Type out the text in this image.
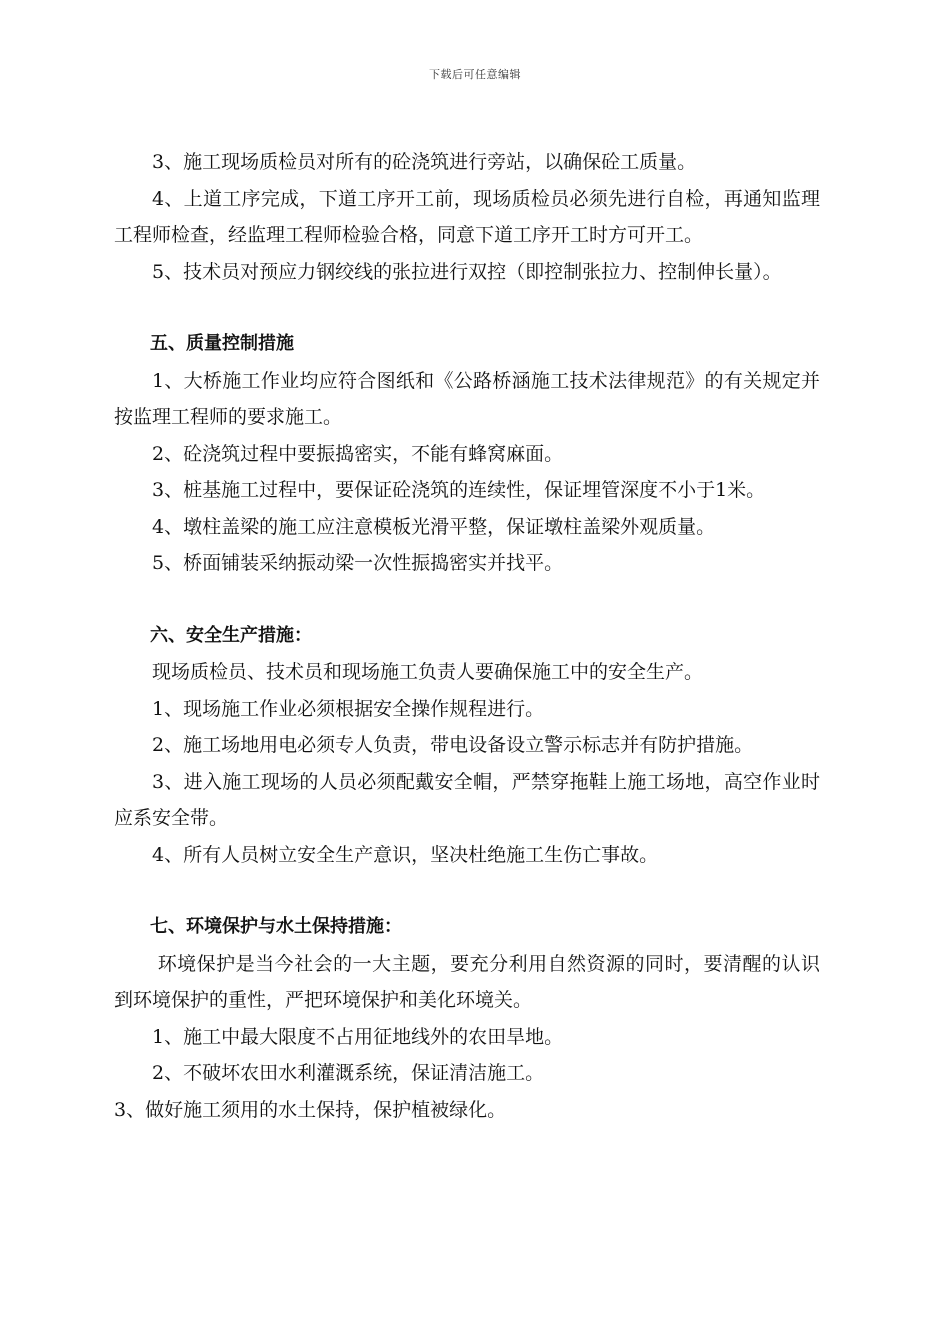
下载后可任意编辑

3、施工现场质检员对所有的砼浇筑进行旁站，以确保砼工质量。

4、上道工序完成，下道工序开工前，现场质检员必须先进行自检，再通知监理工程师检查，经监理工程师检验合格，同意下道工序开工时方可开工。

5、技术员对预应力钢绞线的张拉进行双控（即控制张拉力、控制伸长量）。

五、质量控制措施

1、大桥施工作业均应符合图纸和《公路桥涵施工技术法律规范》的有关规定并按监理工程师的要求施工。

2、砼浇筑过程中要振捣密实，不能有蜂窝麻面。

3、桩基施工过程中，要保证砼浇筑的连续性，保证埋管深度不小于1米。

4、墩柱盖梁的施工应注意模板光滑平整，保证墩柱盖梁外观质量。

5、桥面铺装采纳振动梁一次性振捣密实并找平。

六、安全生产措施：

现场质检员、技术员和现场施工负责人要确保施工中的安全生产。

1、现场施工作业必须根据安全操作规程进行。

2、施工场地用电必须专人负责，带电设备设立警示标志并有防护措施。

3、进入施工现场的人员必须配戴安全帽，严禁穿拖鞋上施工场地，高空作业时应系安全带。

4、所有人员树立安全生产意识，坚决杜绝施工生伤亡事故。

七、环境保护与水土保持措施：

环境保护是当今社会的一大主题，要充分利用自然资源的同时，要清醒的认识到环境保护的重性，严把环境保护和美化环境关。

1、施工中最大限度不占用征地线外的农田旱地。

2、不破坏农田水利灌溉系统，保证清洁施工。

3、做好施工须用的水土保持，保护植被绿化。
